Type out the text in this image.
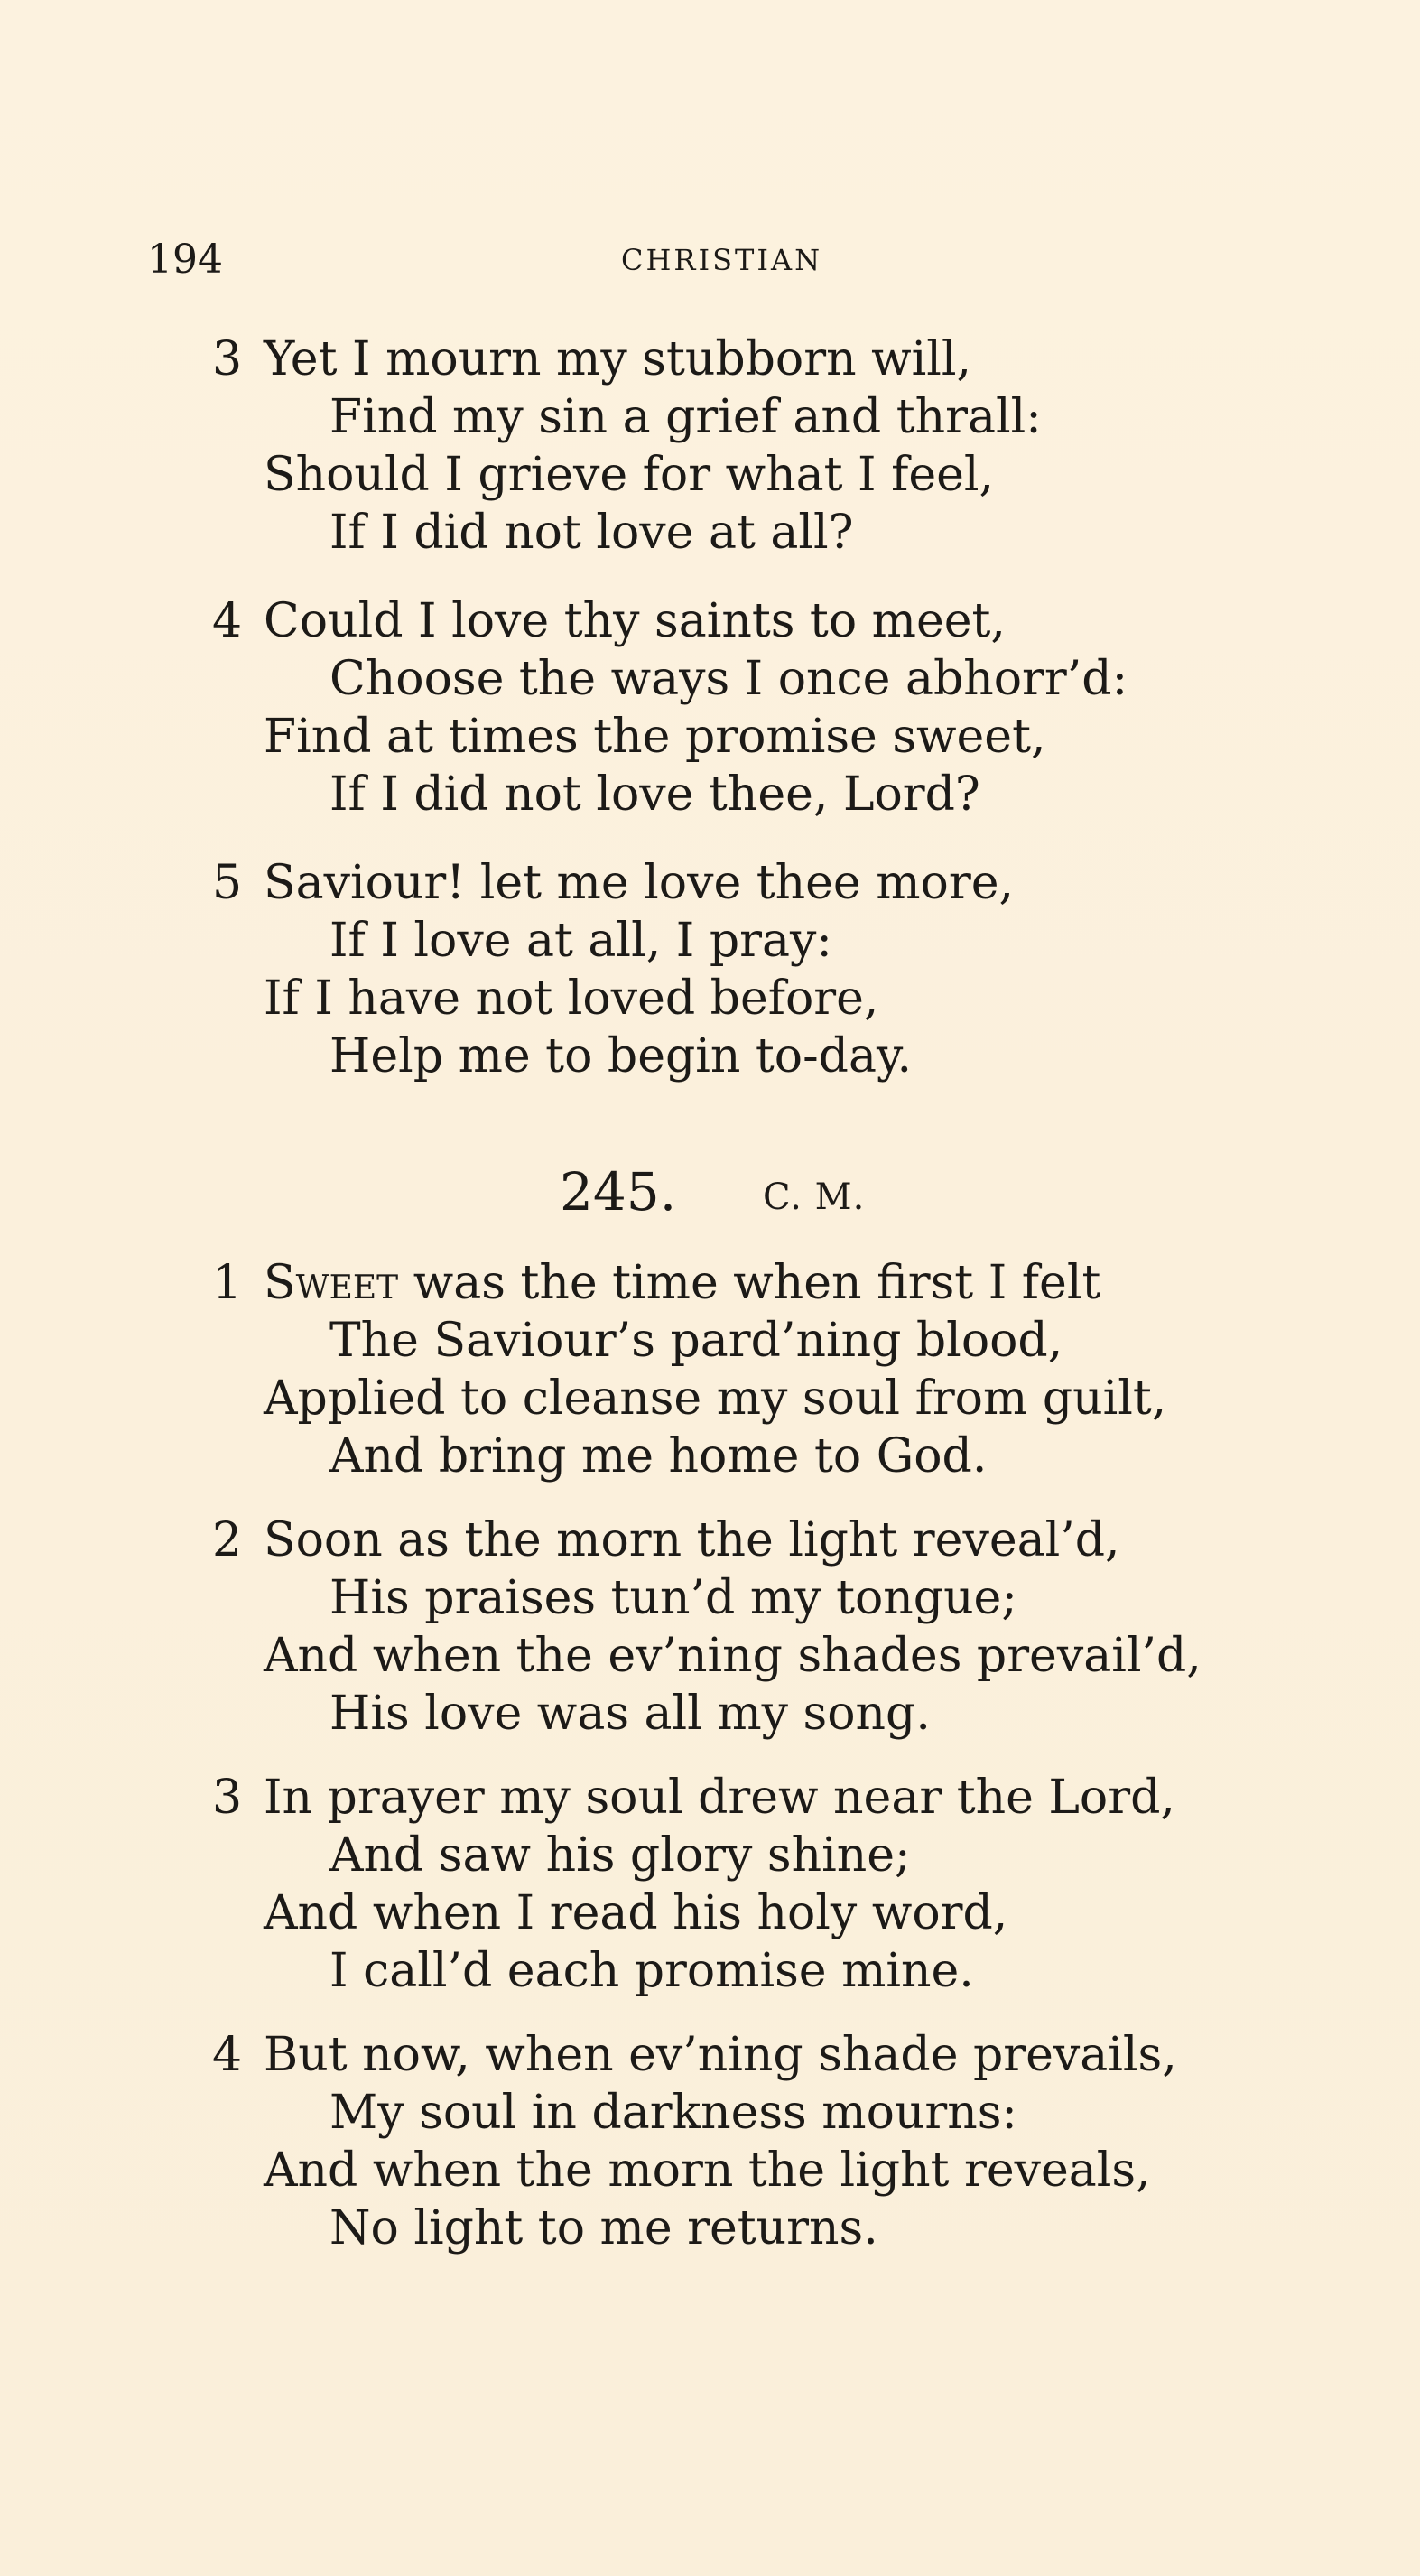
194	CHRISTIAN
3 Yet I mourn my stubborn will,
Find my sin a grief and thrall:
Should I grieve for what I feel,
If I did not love at all?
4 Could I love thy saints to meet,
Choose the ways I once abhorr’d:
Find at times the promise sweet,
If I did not love thee, Lord?
5 Saviour! let me love thee more,
If I love at all, I pray:
If I have not loved before,
Help me to begin to-day.
245. C. M.
1 Sweet was the time when first I felt
The Saviour’s pard’ning blood,
Applied to cleanse my soul from guilt,
And bring me home to God.
2 Soon as the morn the light reveal’d,
His praises tun’d my tongue;
And when the ev’ning shades prevail’d,
His love was all my song.
3 In prayer my soul drew near the Lord,
And saw his glory shine;
And when I read his holy word,
I call’d each promise mine.
4 But now, when ev’ning shade prevails,
My soul in darkness mourns:
And when the morn the light reveals,
No light to me returns.
